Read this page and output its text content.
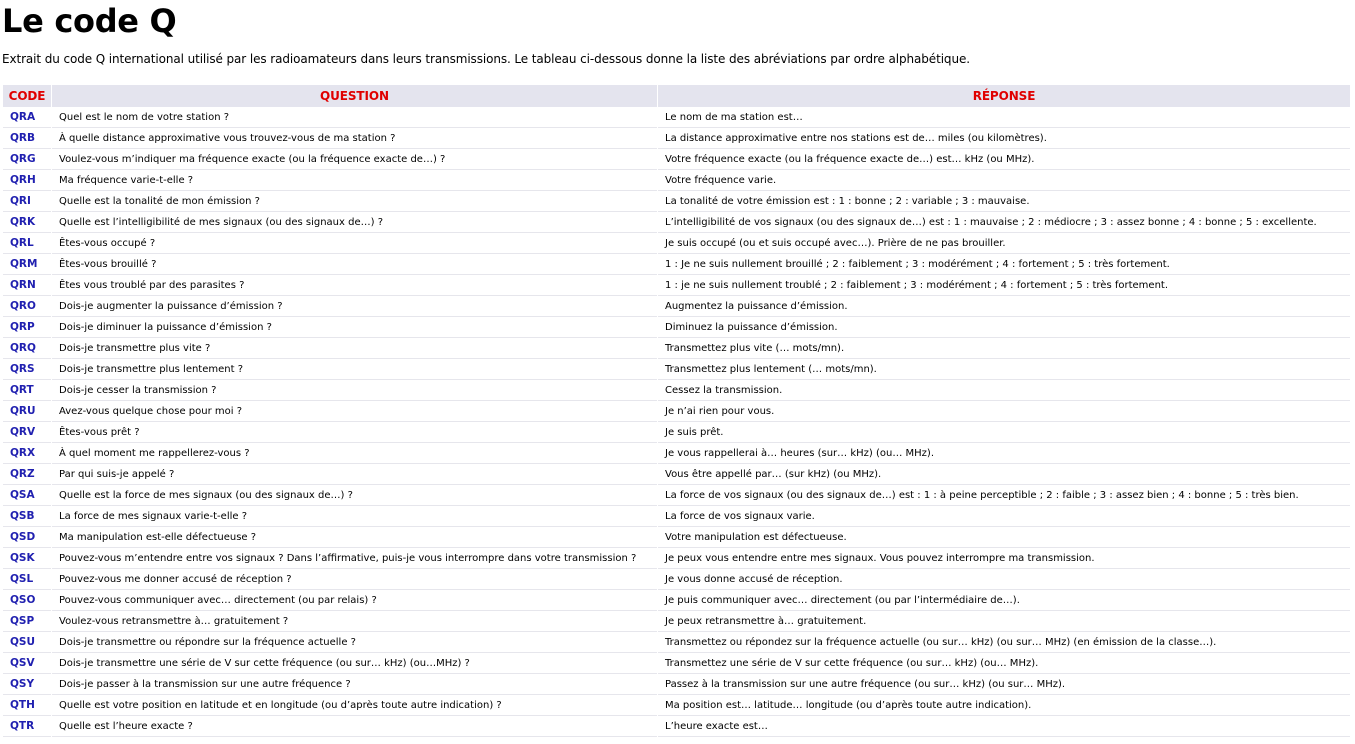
Le code Q

Extrait du code Q international utilisé par les radioamateurs dans leurs transmissions. Le tableau ci-dessous donne la liste des abréviations par ordre alphabétique.

CODE	QUESTION	RÉPONSE
QRA	Quel est le nom de votre station ?	Le nom de ma station est…
QRB	À quelle distance approximative vous trouvez-vous de ma station ?	La distance approximative entre nos stations est de… miles (ou kilomètres).
QRG	Voulez-vous m’indiquer ma fréquence exacte (ou la fréquence exacte de…) ?	Votre fréquence exacte (ou la fréquence exacte de…) est… kHz (ou MHz).
QRH	Ma fréquence varie-t-elle ?	Votre fréquence varie.
QRI	Quelle est la tonalité de mon émission ?	La tonalité de votre émission est : 1 : bonne ; 2 : variable ; 3 : mauvaise.
QRK	Quelle est l’intelligibilité de mes signaux (ou des signaux de…) ?	L’intelligibilité de vos signaux (ou des signaux de…) est : 1 : mauvaise ; 2 : médiocre ; 3 : assez bonne ; 4 : bonne ; 5 : excellente.
QRL	Êtes-vous occupé ?	Je suis occupé (ou et suis occupé avec…). Prière de ne pas brouiller.
QRM	Êtes-vous brouillé ?	1 : Je ne suis nullement brouillé ; 2 : faiblement ; 3 : modérément ; 4 : fortement ; 5 : très fortement.
QRN	Êtes vous troublé par des parasites ?	1 : je ne suis nullement troublé ; 2 : faiblement ; 3 : modérément ; 4 : fortement ; 5 : très fortement.
QRO	Dois-je augmenter la puissance d’émission ?	Augmentez la puissance d’émission.
QRP	Dois-je diminuer la puissance d’émission ?	Diminuez la puissance d’émission.
QRQ	Dois-je transmettre plus vite ?	Transmettez plus vite (… mots/mn).
QRS	Dois-je transmettre plus lentement ?	Transmettez plus lentement (… mots/mn).
QRT	Dois-je cesser la transmission ?	Cessez la transmission.
QRU	Avez-vous quelque chose pour moi ?	Je n’ai rien pour vous.
QRV	Êtes-vous prêt ?	Je suis prêt.
QRX	À quel moment me rappellerez-vous ?	Je vous rappellerai à… heures (sur… kHz) (ou… MHz).
QRZ	Par qui suis-je appelé ?	Vous être appellé par… (sur kHz) (ou MHz).
QSA	Quelle est la force de mes signaux (ou des signaux de…) ?	La force de vos signaux (ou des signaux de…) est : 1 : à peine perceptible ; 2 : faible ; 3 : assez bien ; 4 : bonne ; 5 : très bien.
QSB	La force de mes signaux varie-t-elle ?	La force de vos signaux varie.
QSD	Ma manipulation est-elle défectueuse ?	Votre manipulation est défectueuse.
QSK	Pouvez-vous m’entendre entre vos signaux ? Dans l’affirmative, puis-je vous interrompre dans votre transmission ?	Je peux vous entendre entre mes signaux. Vous pouvez interrompre ma transmission.
QSL	Pouvez-vous me donner accusé de réception ?	Je vous donne accusé de réception.
QSO	Pouvez-vous communiquer avec… directement (ou par relais) ?	Je puis communiquer avec… directement (ou par l’intermédiaire de…).
QSP	Voulez-vous retransmettre à… gratuitement ?	Je peux retransmettre à… gratuitement.
QSU	Dois-je transmettre ou répondre sur la fréquence actuelle ?	Transmettez ou répondez sur la fréquence actuelle (ou sur… kHz) (ou sur… MHz) (en émission de la classe…).
QSV	Dois-je transmettre une série de V sur cette fréquence (ou sur… kHz) (ou…MHz) ?	Transmettez une série de V sur cette fréquence (ou sur… kHz) (ou… MHz).
QSY	Dois-je passer à la transmission sur une autre fréquence ?	Passez à la transmission sur une autre fréquence (ou sur… kHz) (ou sur… MHz).
QTH	Quelle est votre position en latitude et en longitude (ou d’après toute autre indication) ?	Ma position est… latitude… longitude (ou d’après toute autre indication).
QTR	Quelle est l’heure exacte ?	L’heure exacte est…
